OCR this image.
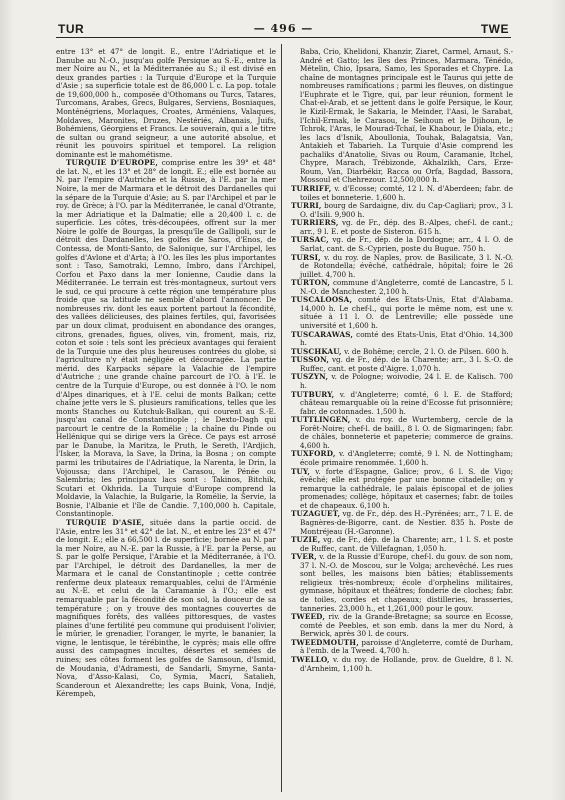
TUR	— 496 —	TWE

entre 13° et 47° de longit. E., entre l'Adriatique et le Danube au N.-O., jusqu'au golfe Persique au S.-E., entre la mer Noire au N., et la Méditerranée au S.; il est divisé en deux grandes parties : la Turquie d'Europe et la Turquie d'Asie ; sa superficie totale est de 86,000 l. c. La pop. totale de 19,600,000 h., composée d'Othomans ou Turcs, Tatares, Turcomans, Arabes, Grecs, Bulgares, Serviens, Bosniaques, Monténégriens, Morlaques, Croates, Arméniens, Valaques, Moldaves, Maronites, Druzes, Nestériés, Albanais, Juifs, Bohémiens, Géorgiens et Francs. Le souverain, qui a le titre de sultan ou grand seigneur, a une autorité absolue, et réunit les pouvoirs spirituel et temporel. La religion dominante est le mahométisme.

TURQUIE D'EUROPE, comprise entre les 39° et 48° de lat. N., et les 13° et 28° de longit. E.; elle est bornée au N. par l'empire d'Autriche et la Russie, à l'E. par la mer Noire, la mer de Marmara et le détroit des Dardanelles qui la sépare de la Turquie d'Asie; au S. par l'Archipel et par le roy. de Grèce; à l'O. par la Méditerranée, le canal d'Otrante, la mer Adriatique et la Dalmatie; elle a 20,400 l. c. de superficie. Les côtes, très-découpées, offrent sur la mer Noire le golfe de Bourgas, la presqu'île de Gallipoli, sur le détroit des Dardanelles, les golfes de Saros, d'Enos, de Contessa, de Monti-Santo, de Salonique, sur l'Archipel, les golfes d'Avlone et d'Arta; à l'O. les îles les plus importantes sont : Taso, Samotraki, Lemno, Imbro, dans l'Archipel, Corfou et Paxo dans la mer Ionienne, Caudie dans la Méditerranée. Le terrain est très-montagneux, surtout vers le sud, ce qui procure à cette région une température plus froide que sa latitude ne semble d'abord l'annoncer. De nombreuses riv. dont les eaux portent partout la fécondité, des vallées délicieuses, des plaines fertiles, qui, favorisées par un doux climat, produisent en abondance des oranges, citrons, grenades, figues, olives, vin, froment, mais, riz, coton et soie : tels sont les précieux avantages qui feraient de la Turquie une des plus heureuses contrées du globe, si l'agriculture n'y était négligée et découragée. La partie mérid. des Karpacks sépare la Valachie de l'empire d'Autriche ; une grande chaîne parcourt de l'O. à l'E. le centre de la Turquie d'Europe, ou est donnée à l'O. le nom d'Alpes dinariques, et à l'E. celui de monts Balkan; cette chaîne jette vers le S. plusieurs ramifications, telles que les monts Stanches ou Kutchuk-Balkan, qui courent au S.-E. jusqu'au canal de Constantinople ; le Dexto-Dagh qui parcourt le centre de la Romélie ; la chaîne du Pinde ou Hellénique qui se dirige vers la Grèce. Ce pays est arrosé par le Danube, la Maritza, le Pruth, le Sereth, l'Ardjich, l'Isker, la Morava, la Save, la Drina, la Bosna ; on compte parmi les tributaires de l'Adriatique, la Narenta, le Drin, la Vojoussa; dans l'Archipel, le Carasou, le Pénée ou Salembria; les principaux lacs sont : Takinos, Bitchik, Scutari et Okhrida. La Turquie d'Europe comprend la Moldavie, la Valachie, la Bulgarie, la Romélie, la Servie, la Bosnie, l'Albanie et l'île de Candie. 7,100,000 h. Capitale, Constantinople.

TURQUIE D'ASIE, située dans la partie occid. de l'Asie, entre les 31° et 42° de lat. N., et entre les 23° et 47° de longit. E.; elle a 66,500 l. de superficie; bornée au N. par la mer Noire, au N.-E. par la Russie, à l'E. par la Perse, au S. par le golfe Persique, l'Arabie et la Méditerranée, à l'O. par l'Archipel, le détroit des Dardanelles, la mer de Marmara et le canal de Constantinople ; cette contrée renferme deux plateaux remarquables, celui de l'Arménie au N.-E. et celui de la Caramanie à l'O.; elle est remarquable par la fécondité de son sol, la douceur de sa température ; on y trouve des montagnes couvertes de magnifiques forêts, des vallées pittoresques, de vastes plaines d'une fertilité peu commune qui produisent l'olivier, le mûrier, le grenadier, l'oranger, le myrte, le bananier, la vigne, le lentisque, le térébinthe, le cyprès; mais elle offre aussi des campagnes incultes, désertes et semées de ruines; ses côtes forment les golfes de Samsoun, d'Ismid, de Moudania, d'Adramesti, de Sandarli, Smyrne, Santa-Nova, d'Asso-Kalasi, Co, Symia, Macri, Satalieh, Scanderoun et Alexandrette; les caps Buink, Vona, Indjé, Kérempeh,

Baba, Crio, Khelidoni, Khanzir, Ziaret, Carmel, Arnaut, S.-André et Gatto; les îles des Princes, Marmara, Ténédo, Mételin, Chio, Ipsara, Samo, les Sporades et Chypre. La chaîne de montagnes principale est le Taurus qui jette de nombreuses ramifications ; parmi les fleuves, on distingue l'Euphrate et le Tigre, qui, par leur réunion, forment le Chat-el-Arab, et se jettent dans le golfe Persique, le Kour, le Kizil-Ermak, le Sakaria, le Meinder, l'Aasi, le Sarabat, l'Ichil-Ermak, le Carasou, le Seihoun et le Djihoun, le Tchrok, l'Aras, le Mourad-Tchaï, le Khabour, le Diala, etc.; les lacs d'Isnik, Aboullonia, Touhak, Balagatsia, Van, Antakieh et Tabarieh. La Turquie d'Asie comprend les pachaliks d'Anatolie, Sivas ou Roum, Caramanie, Itchel, Chypre, Marach, Trébizonde, Akhalzikh, Cars, Erze-Roum, Van, Diarbékir, Racca ou Orfa, Bagdad, Bassora, Mossoul et Chehrezour. 12,500,000 h.

TURRIFF, v. d'Ecosse; comté, 12 l. N. d'Aberdeen; fabr. de toiles et bonneterie. 1,600 h.

TURRI, bourg de Sardaigne, div. du Cap-Cagliari; prov., 3 l. O. d'Isili. 9,900 h.

TURRIERS, vg. de Fr., dép. des B.-Alpes, chef-l. de cant.; arr., 9 l. E. et poste de Sisteron. 615 h.

TURSAC, vg. de Fr., dép. de la Dordogne; arr., 4 l. O. de Sarlat, cant. de S.-Cyprien, poste du Bugue. 750 h.

TURSI, v. du roy. de Naples, prov. de Basilicate, 3 l. N.-O. de Rotondella; évêché, cathédrale, hôpital; foire le 26 juillet. 4,700 h.

TURTON, commune d'Angleterre, comté de Lancastre, 5 l. N.-O. de Manchester. 2,100 h.

TUSCALOOSA, comté des Etats-Unis, Etat d'Alabama. 14,000 h. Le chef-l., qui porte le même nom, est une v. située à 11 l. O. de Lentreville; elle possède une université et 1,600 h.

TUSCARAWAS, comté des Etats-Unis, Etat d'Ohio. 14,300 h.

TUSCHKAU, v. de Bohême; cercle, 2 l. O. de Pilsen. 600 h.

TUSSON, vg. de Fr., dép. de la Charente; arr., 3 l. S.-O. de Ruffec, cant. et poste d'Aigre. 1,070 h.

TUSZYN, v. de Pologne; woivodie, 24 l. E. de Kalisch. 700 h.

TUTBURY, v. d'Angleterre; comté, 6 l. E. de Stafford; château remarquable où la reine d'Ecosse fut prisonnière; fabr. de cotonnades. 1,500 h.

TUTTLINGEN, v. du roy. de Wurtemberg, cercle de la Forêt-Noire; chef-l. de baill., 8 l. O. de Sigmaringen; fabr. de châles, bonneterie et papeterie; commerce de grains. 4,600 h.

TUXFORD, v. d'Angleterre; comté, 9 l. N. de Nottingham; école primaire renommée. 1,600 h.

TUY, v. forte d'Espagne, Galice; prov., 6 l. S. de Vigo; évêché; elle est protégée par une bonne citadelle; on y remarque la cathédrale, le palais épiscopal et de jolies promenades; collège, hôpitaux et casernes; fabr. de toiles et de chapeaux. 6,100 h.

TUZAGUET, vg. de Fr., dép. des H.-Pyrénées; arr., 7 l. E. de Bagnères-de-Bigorre, cant. de Nestier. 835 h. Poste de Montréjeau (H.-Garonne).

TUZIE, vg. de Fr., dép. de la Charente; arr., 1 l. S. et poste de Ruffec, cant. de Villefagnan, 1,050 h.

TVER, v. de la Russie d'Europe, chef-l. du gouv. de son nom, 37 l. N.-O. de Moscou, sur le Volga; archevêché. Les rues sont belles, les maisons bien bâties; établissements religieux très-nombreux; école d'orphelins militaires, gymnase, hôpitaux et théâtres; fonderie de cloches; fabr. de toiles, cordes et chapeaux; distilleries, brasseries, tanneries. 23,000 h., et 1,261,000 pour le gouv.

TWEED, riv. de la Grande-Bretagne; sa source en Ecosse, comté de Peebles, et son emb. dans la mer du Nord, à Berwick, après 30 l. de cours.

TWEEDMOUTH, paroisse d'Angleterre, comté de Durham, à l'emb. de la Tweed. 4,700 h.

TWELLO, v. du roy. de Hollande, prov. de Gueldre, 8 l. N. d'Arnheim, 1,100 h.
